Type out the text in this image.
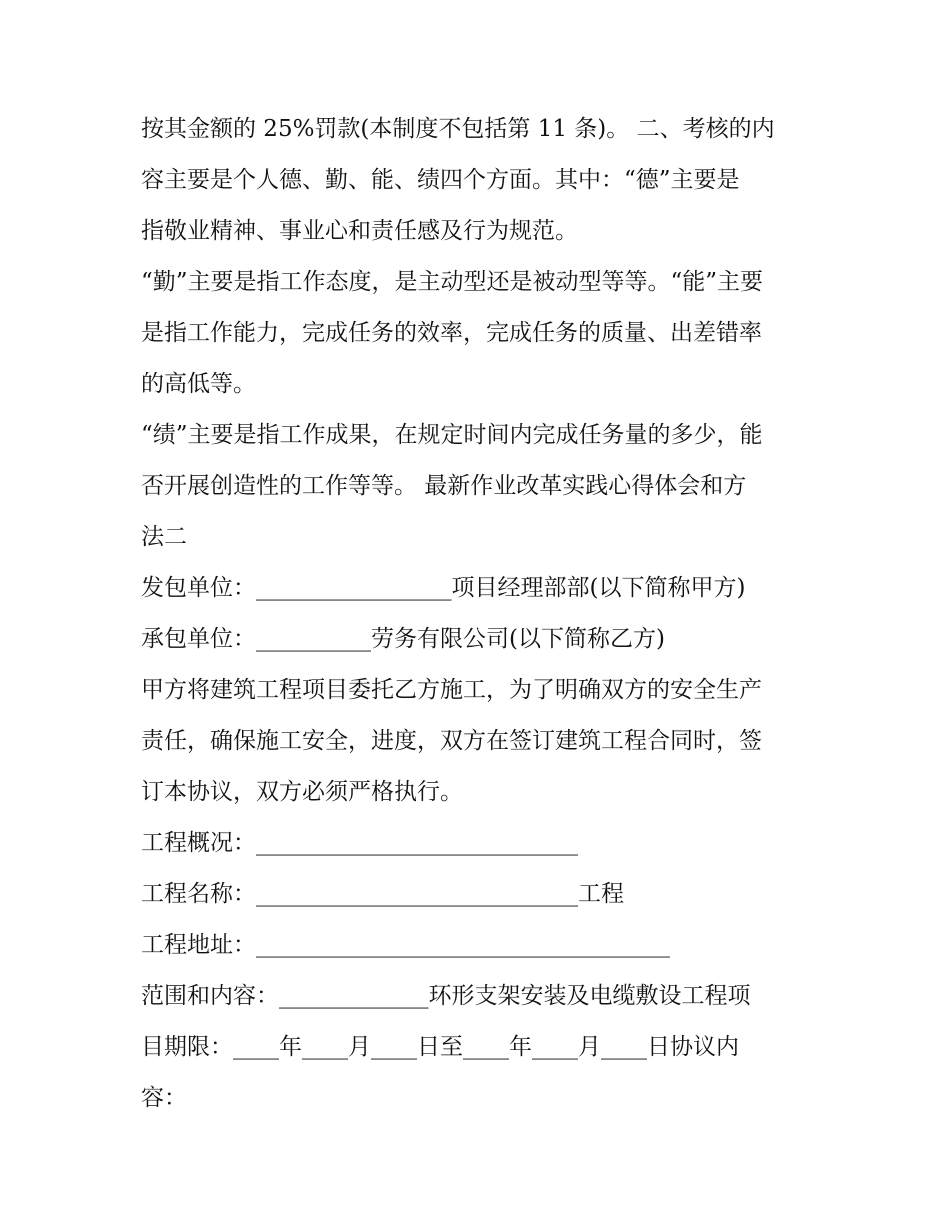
按其金额的 25%罚款(本制度不包括第 11 条)。 二、考核的内
容主要是个人德、勤、能、绩四个方面。其中：“德”主要是
指敬业精神、事业心和责任感及行为规范。
“勤”主要是指工作态度，是主动型还是被动型等等。“能”主要
是指工作能力，完成任务的效率，完成任务的质量、出差错率
的高低等。
“绩”主要是指工作成果，在规定时间内完成任务量的多少，能
否开展创造性的工作等等。 最新作业改革实践心得体会和方
法二
发包单位：_________________项目经理部部(以下简称甲方)
承包单位：__________劳务有限公司(以下简称乙方)
甲方将建筑工程项目委托乙方施工，为了明确双方的安全生产
责任，确保施工安全，进度，双方在签订建筑工程合同时，签
订本协议，双方必须严格执行。
工程概况：____________________________
工程名称：____________________________工程
工程地址：____________________________________
范围和内容：_____________环形支架安装及电缆敷设工程项
目期限：____年____月____日至____年____月____日协议内
容：
